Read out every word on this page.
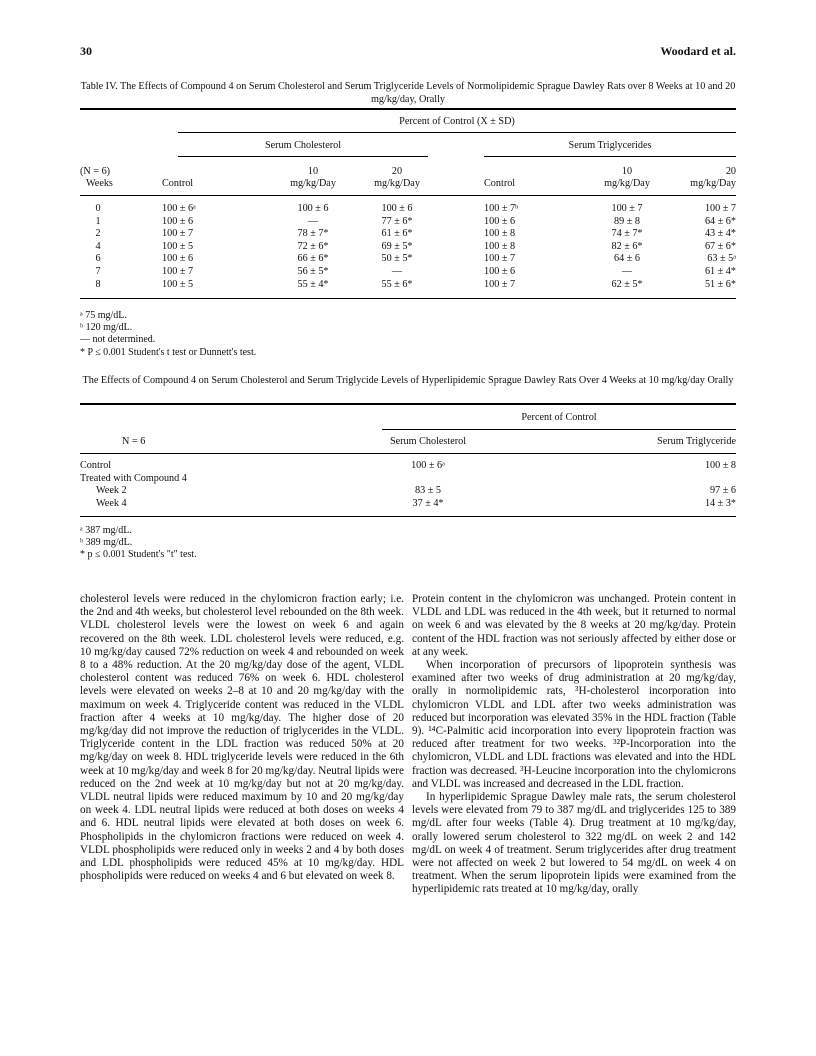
30	Woodard et al.
Table IV. The Effects of Compound 4 on Serum Cholesterol and Serum Triglyceride Levels of Normolipidemic Sprague Dawley Rats over 8 Weeks at 10 and 20 mg/kg/day, Orally
Percent of Control (X ± SD)
Serum Cholesterol	Serum Triglycerides
(N = 6)
Weeks	Control
10
mg/kg/Day
20
mg/kg/Day	Control
10
mg/kg/Day
20
mg/kg/Day
0	100 ± 6ᵃ	100 ± 6	100 ± 6	100 ± 7ᵇ	100 ± 7	100 ± 7
1	100 ± 6	—	77 ± 6*	100 ± 6	89 ± 8	64 ± 6*
2	100 ± 7	78 ± 7*	61 ± 6*	100 ± 8	74 ± 7*	43 ± 4*
4	100 ± 5	72 ± 6*	69 ± 5*	100 ± 8	82 ± 6*	67 ± 6*
6	100 ± 6	66 ± 6*	50 ± 5*	100 ± 7	64 ± 6	63 ± 5ᵃ
7	100 ± 7	56 ± 5*	—	100 ± 6	—	61 ± 4*
8	100 ± 5	55 ± 4*	55 ± 6*	100 ± 7	62 ± 5*	51 ± 6*
ᵃ 75 mg/dL.
ᵇ 120 mg/dL.
— not determined.
* P ≤ 0.001 Student's t test or Dunnett's test.
The Effects of Compound 4 on Serum Cholesterol and Serum Triglycide Levels of Hyperlipidemic Sprague Dawley Rats Over 4 Weeks at 10 mg/kg/day Orally
Percent of Control
N = 6	Serum Cholesterol	Serum Triglyceride
Control	100 ± 6ᵃ	100 ± 8
Treated with Compound 4
Week 2	83 ± 5	97 ± 6
Week 4	37 ± 4*	14 ± 3*
ᵃ 387 mg/dL.
ᵇ 389 mg/dL.
* p ≤ 0.001 Student's "t" test.

cholesterol levels were reduced in the chylomicron fraction early; i.e. the 2nd and 4th weeks, but cholesterol level rebounded on the 8th week. VLDL cholesterol levels were the lowest on week 6 and again recovered on the 8th week. LDL cholesterol levels were reduced, e.g. 10 mg/kg/day caused 72% reduction on week 4 and rebounded on week 8 to a 48% reduction. At the 20 mg/kg/day dose of the agent, VLDL cholesterol content was reduced 76% on week 6. HDL cholesterol levels were elevated on weeks 2–8 at 10 and 20 mg/kg/day with the maximum on week 4. Triglyceride content was reduced in the VLDL fraction after 4 weeks at 10 mg/kg/day. The higher dose of 20 mg/kg/day did not improve the reduction of triglycerides in the VLDL. Triglyceride content in the LDL fraction was reduced 50% at 20 mg/kg/day on week 8. HDL triglyceride levels were reduced in the 6th week at 10 mg/kg/day and week 8 for 20 mg/kg/day. Neutral lipids were reduced on the 2nd week at 10 mg/kg/day but not at 20 mg/kg/day. VLDL neutral lipids were reduced maximum by 10 and 20 mg/kg/day on week 4. LDL neutral lipids were reduced at both doses on weeks 4 and 6. HDL neutral lipids were elevated at both doses on week 6. Phospholipids in the chylomicron fractions were reduced on week 4. VLDL phospholipids were reduced only in weeks 2 and 4 by both doses and LDL phospholipids were reduced 45% at 10 mg/kg/day. HDL phospholipids were reduced on weeks 4 and 6 but elevated on week 8.

Protein content in the chylomicron was unchanged. Protein content in VLDL and LDL was reduced in the 4th week, but it returned to normal on week 6 and was elevated by the 8 weeks at 20 mg/kg/day. Protein content of the HDL fraction was not seriously affected by either dose or at any week.

When incorporation of precursors of lipoprotein synthesis was examined after two weeks of drug administration at 20 mg/kg/day, orally in normolipidemic rats, ³H-cholesterol incorporation into chylomicron VLDL and LDL after two weeks administration was reduced but incorporation was elevated 35% in the HDL fraction (Table 9). ¹⁴C-Palmitic acid incorporation into every lipoprotein fraction was reduced after treatment for two weeks. ³²P-Incorporation into the chylomicron, VLDL and LDL fractions was elevated and into the HDL fraction was decreased. ³H-Leucine incorporation into the chylomicrons and VLDL was increased and decreased in the LDL fraction.

In hyperlipidemic Sprague Dawley male rats, the serum cholesterol levels were elevated from 79 to 387 mg/dL and triglycerides 125 to 389 mg/dL after four weeks (Table 4). Drug treatment at 10 mg/kg/day, orally lowered serum cholesterol to 322 mg/dL on week 2 and 142 mg/dL on week 4 of treatment. Serum triglycerides after drug treatment were not affected on week 2 but lowered to 54 mg/dL on week 4 on treatment. When the serum lipoprotein lipids were examined from the hyperlipidemic rats treated at 10 mg/kg/day, orally
